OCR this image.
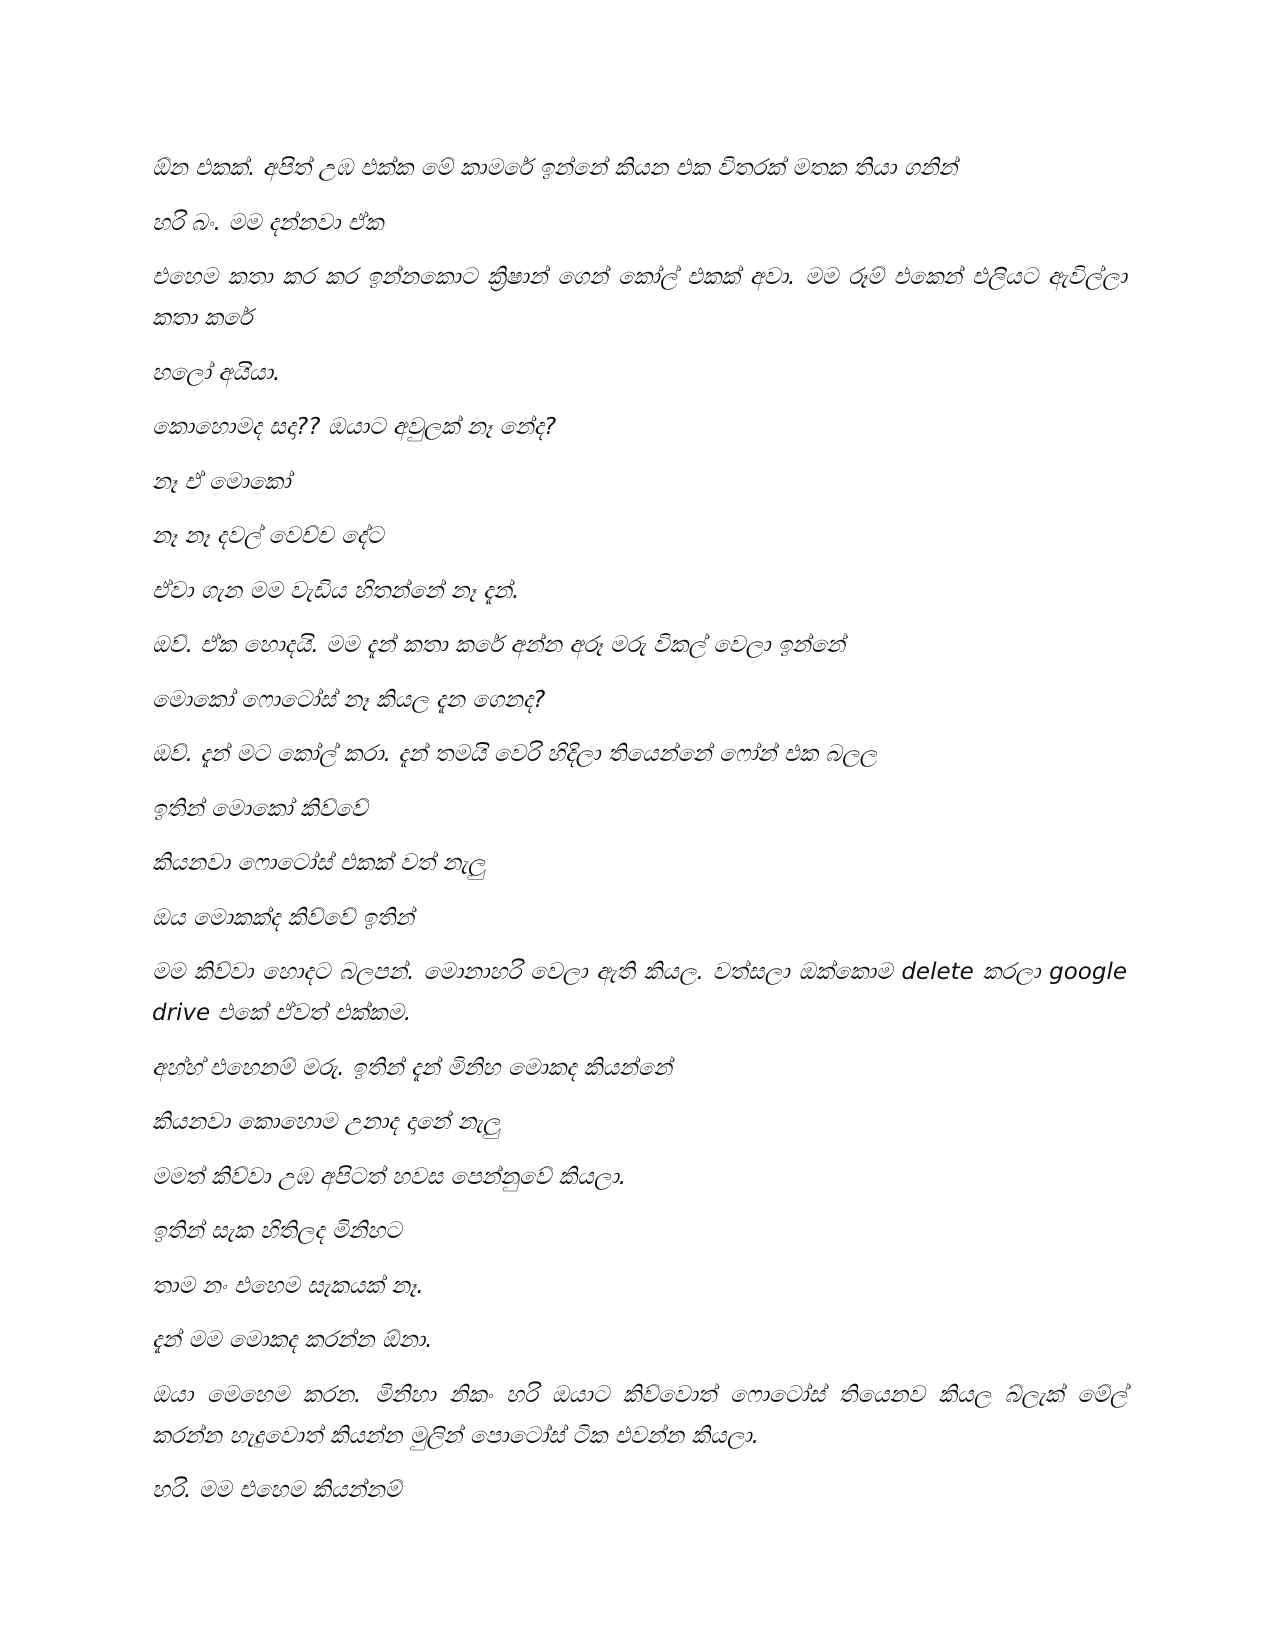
ඕන එකක්. අපිත් උඹ එක්ක මේ කාමරේ ඉන්නේ කියන එක විතරක් මතක තියා ගනින්

හරි බං. මම දන්නවා ඒක

එහෙම කතා කර කර ඉන්නකොට ක්‍රිෂාන් ගෙන් කෝල් එකක් අවා. මම රූම් එකෙන් එලියට ඇවිල්ලා කතා කරේ

හලෝ අයියා.

කොහොමද සදා?? ඔයාට අවුලක් නෑ නේද?

නෑ ඒ මොකෝ

නෑ නෑ දවල් වෙච්ච දේට

ඒවා ගැන මම වැඩිය හිතන්නේ නෑ දැන්.

ඔව්. ඒක හොදයි. මම දැන් කතා කරේ අන්න අරූ මරු විකල් වෙලා ඉන්නේ

මොකෝ ෆොටෝස් නෑ කියල දැන ගෙනද?

ඔව්. දැන් මට කෝල් කරා. දැන් තමයි වෙරි හිදිලා තියෙන්නේ ෆෝන් එක බලල

ඉතින් මොකෝ කිව්වේ

කියනවා ෆොටෝස් එකක් වත් නැලු

ඔය මොකක්ද කිව්වේ ඉතින්

මම කිව්වා හොදට බලපන්. මොනාහරි වෙලා ඇති කියල. වත්සලා ඔක්කොම delete කරලා google drive එකේ ඒවත් එක්කම.

අහ්හ් එහෙනම් මරු. ඉතින් දැන් මිනිහ මොකද කියන්නේ

කියනවා කොහොම උනාද දානේ නැලු

මමත් කිව්වා උඹ අපිටත් හවස පෙන්නුවේ කියලා.

ඉතින් සැක හිතිලද මිනිහට

තාම නං එහෙම සැකයක් නෑ.

දැන් මම මොකද කරන්න ඕනා.

ඔයා මෙහෙම කරන. මිනිහා නිකං හරි ඔයාට කිව්වොත් ෆොටෝස් තියෙනව කියල බ්ලැක් මේල් කරන්න හැදුවොත් කියන්න මුලින් පොටෝස් ටික එවන්න කියලා.

හරි. මම එහෙම කියන්නම්
